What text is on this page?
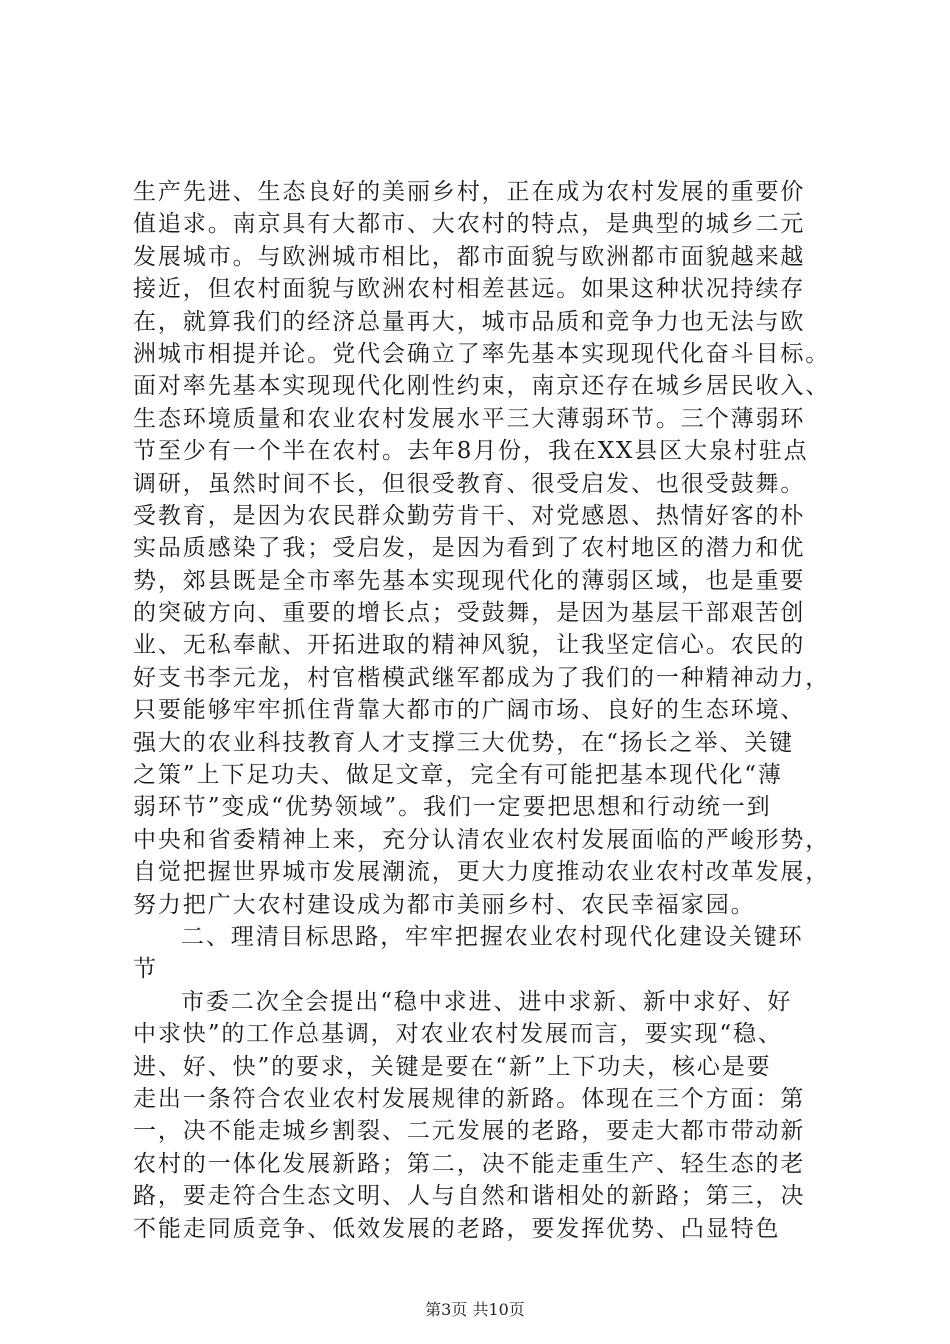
生产先进、生态良好的美丽乡村，正在成为农村发展的重要价
值追求。南京具有大都市、大农村的特点，是典型的城乡二元
发展城市。与欧洲城市相比，都市面貌与欧洲都市面貌越来越
接近，但农村面貌与欧洲农村相差甚远。如果这种状况持续存
在，就算我们的经济总量再大，城市品质和竞争力也无法与欧
洲城市相提并论。党代会确立了率先基本实现现代化奋斗目标。
面对率先基本实现现代化刚性约束，南京还存在城乡居民收入、
生态环境质量和农业农村发展水平三大薄弱环节。三个薄弱环
节至少有一个半在农村。去年8月份，我在XX县区大泉村驻点
调研，虽然时间不长，但很受教育、很受启发、也很受鼓舞。
受教育，是因为农民群众勤劳肯干、对党感恩、热情好客的朴
实品质感染了我；受启发，是因为看到了农村地区的潜力和优
势，郊县既是全市率先基本实现现代化的薄弱区域，也是重要
的突破方向、重要的增长点；受鼓舞，是因为基层干部艰苦创
业、无私奉献、开拓进取的精神风貌，让我坚定信心。农民的
好支书李元龙，村官楷模武继军都成为了我们的一种精神动力，
只要能够牢牢抓住背靠大都市的广阔市场、良好的生态环境、
强大的农业科技教育人才支撑三大优势，在“扬长之举、关键
之策”上下足功夫、做足文章，完全有可能把基本现代化“薄
弱环节”变成“优势领域”。我们一定要把思想和行动统一到
中央和省委精神上来，充分认清农业农村发展面临的严峻形势，
自觉把握世界城市发展潮流，更大力度推动农业农村改革发展，
努力把广大农村建设成为都市美丽乡村、农民幸福家园。
二、理清目标思路，牢牢把握农业农村现代化建设关键环
节
市委二次全会提出“稳中求进、进中求新、新中求好、好
中求快”的工作总基调，对农业农村发展而言，要实现“稳、
进、好、快”的要求，关键是要在“新”上下功夫，核心是要
走出一条符合农业农村发展规律的新路。体现在三个方面：第
一，决不能走城乡割裂、二元发展的老路，要走大都市带动新
农村的一体化发展新路；第二，决不能走重生产、轻生态的老
路，要走符合生态文明、人与自然和谐相处的新路；第三，决
不能走同质竞争、低效发展的老路，要发挥优势、凸显特色
第3页 共10页
